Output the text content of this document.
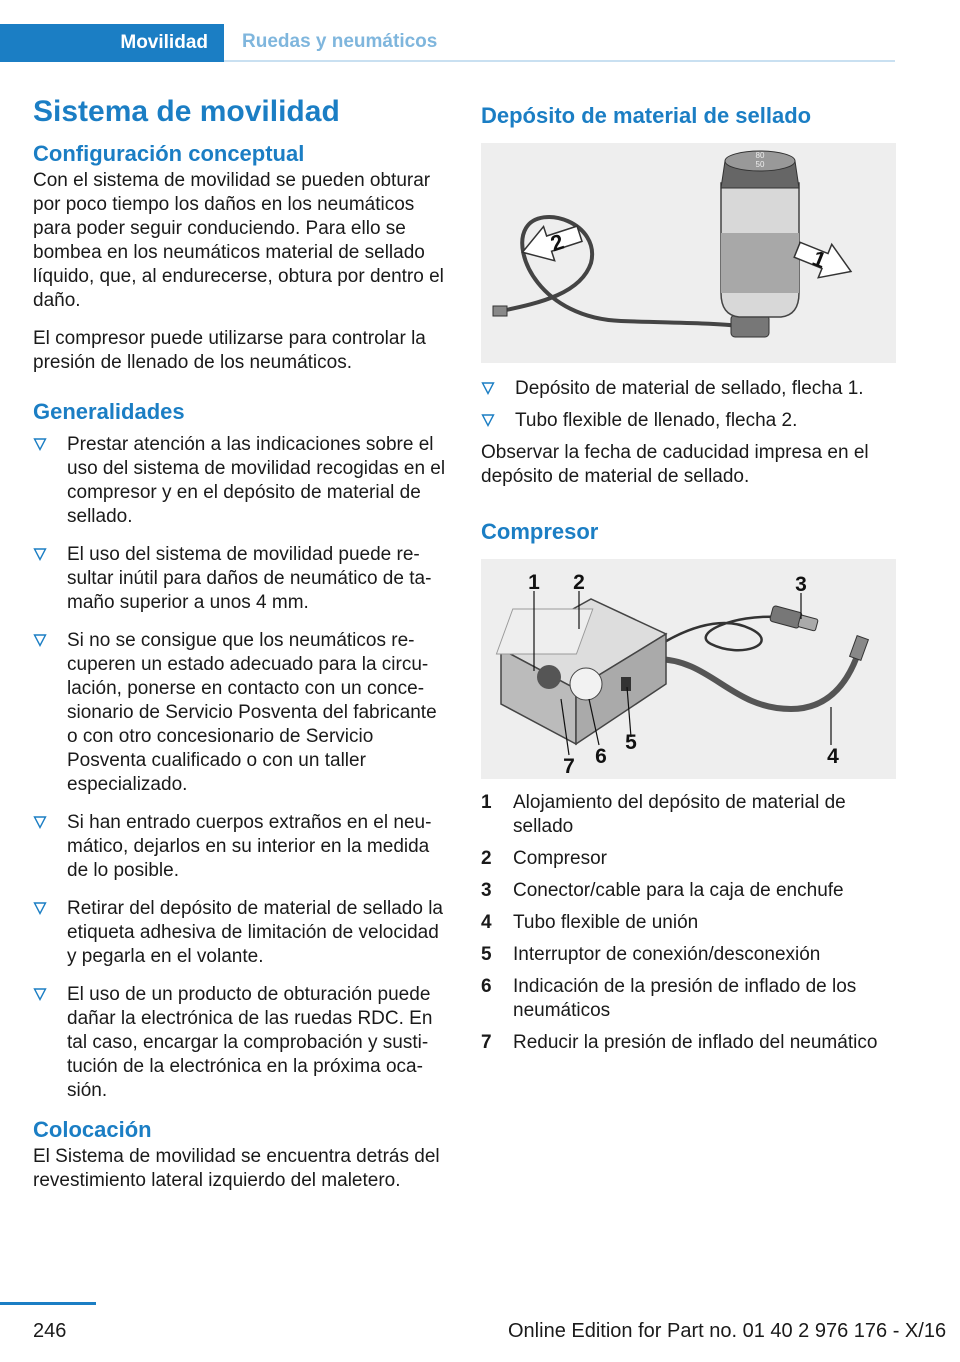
Movilidad	Ruedas y neumáticos
Sistema de movilidad
Configuración conceptual

Con el sistema de movilidad se pueden obturar por poco tiempo los daños en los neumáticos para poder seguir conduciendo. Para ello se bombea en los neumáticos material de sellado líquido, que, al endurecerse, obtura por dentro el daño.

El compresor puede utilizarse para controlar la presión de llenado de los neumáticos.

Generalidades
Prestar atención a las indicaciones sobre el uso del sistema de movilidad recogidas en el compresor y en el depósito de material de sellado.
El uso del sistema de movilidad puede resultar inútil para daños de neumático de tamaño superior a unos 4 mm.
Si no se consigue que los neumáticos recuperen un estado adecuado para la circulación, ponerse en contacto con un concesionario de Servicio Posventa del fabricante o con otro concesionario de Servicio Posventa cualificado o con un taller especializado.
Si han entrado cuerpos extraños en el neumático, dejarlos en su interior en la medida de lo posible.
Retirar del depósito de material de sellado la etiqueta adhesiva de limitación de velocidad y pegarla en el volante.
El uso de un producto de obturación puede dañar la electrónica de las ruedas RDC. En tal caso, encargar la comprobación y sustitución de la electrónica en la próxima ocasión.
Colocación

El Sistema de movilidad se encuentra detrás del revestimiento lateral izquierdo del maletero.

Depósito de material de sellado
80
50
2
1
Depósito de material de sellado, flecha 1.
Tubo flexible de llenado, flecha 2.

Observar la fecha de caducidad impresa en el depósito de material de sellado.

Compresor
1 2	3
4
5
6
7
1	Alojamiento del depósito de material de sellado
2	Compresor
3	Conector/cable para la caja de enchufe
4	Tubo flexible de unión
5	Interruptor de conexión/desconexión
6	Indicación de la presión de inflado de los neumáticos
7	Reducir la presión de inflado del neumático
246	Online Edition for Part no. 01 40 2 976 176 - X/16
